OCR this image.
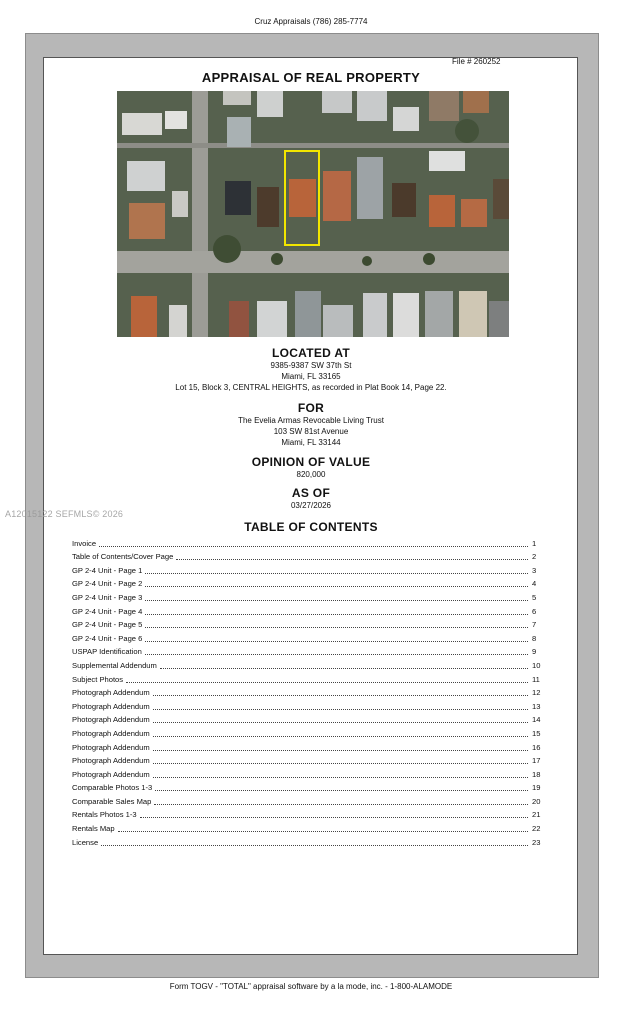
Cruz Appraisals (786) 285-7774
File # 260252
APPRAISAL OF REAL PROPERTY
LOCATED AT
9385-9387 SW 37th St
Miami, FL 33165
Lot 15, Block 3, CENTRAL HEIGHTS, as recorded in Plat Book 14, Page 22.
FOR
The Evelia Armas Revocable Living Trust
103 SW 81st Avenue
Miami, FL 33144
OPINION OF VALUE
820,000
AS OF
03/27/2026
A12015122 SEFMLS© 2026
TABLE OF CONTENTS
Invoice	1
Table of Contents/Cover Page	2
GP 2-4 Unit - Page 1	3
GP 2-4 Unit - Page 2	4
GP 2-4 Unit - Page 3	5
GP 2-4 Unit - Page 4	6
GP 2-4 Unit - Page 5	7
GP 2-4 Unit - Page 6	8
USPAP Identification	9
Supplemental Addendum	10
Subject Photos	11
Photograph Addendum	12
Photograph Addendum	13
Photograph Addendum	14
Photograph Addendum	15
Photograph Addendum	16
Photograph Addendum	17
Photograph Addendum	18
Comparable Photos 1-3	19
Comparable Sales Map	20
Rentals Photos 1-3	21
Rentals Map	22
License	23
Form TOGV - "TOTAL" appraisal software by a la mode, inc. - 1-800-ALAMODE
